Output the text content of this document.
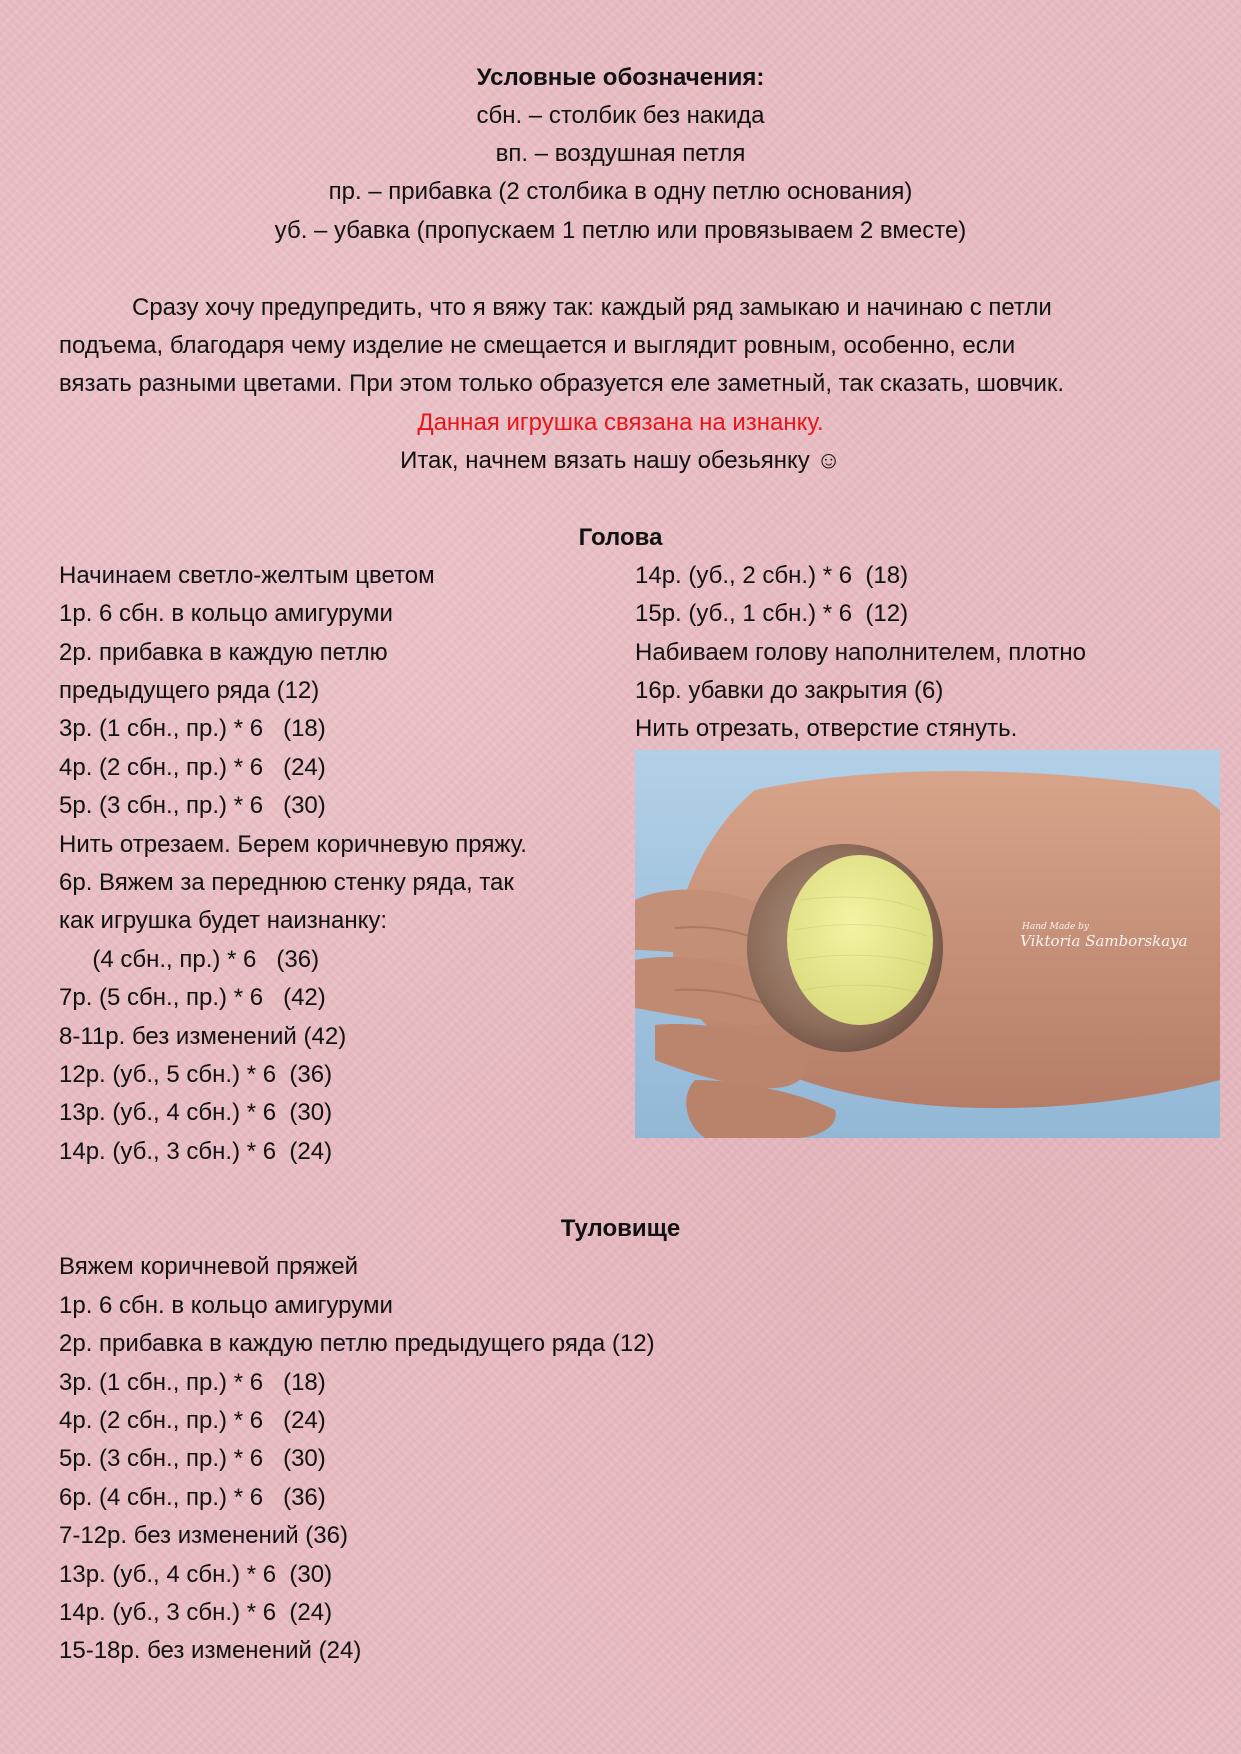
Условные обозначения:
сбн. – столбик без накида
вп. – воздушная петля
пр. – прибавка (2 столбика в одну петлю основания)
уб. – убавка (пропускаем 1 петлю или провязываем 2 вместе)
Сразу хочу предупредить, что я вяжу так: каждый ряд замыкаю и начинаю с петли
подъема, благодаря чему изделие не смещается и выглядит ровным, особенно, если
вязать разными цветами. При этом только образуется еле заметный, так сказать, шовчик.
Данная игрушка связана на изнанку.
Итак, начнем вязать нашу обезьянку ☺
Голова
Начинаем светло-желтым цветом
1р. 6 сбн. в кольцо амигуруми
2р. прибавка в каждую петлю
предыдущего ряда (12)
3р. (1 сбн., пр.) * 6   (18)
4р. (2 сбн., пр.) * 6   (24)
5р. (3 сбн., пр.) * 6   (30)
Нить отрезаем. Берем коричневую пряжу.
6р. Вяжем за переднюю стенку ряда, так
как игрушка будет наизнанку:
(4 сбн., пр.) * 6   (36)
7р. (5 сбн., пр.) * 6   (42)
8-11р. без изменений (42)
12р. (уб., 5 сбн.) * 6  (36)
13р. (уб., 4 сбн.) * 6  (30)
14р. (уб., 3 сбн.) * 6  (24)
14р. (уб., 2 сбн.) * 6  (18)
15р. (уб., 1 сбн.) * 6  (12)
Набиваем голову наполнителем, плотно
16р. убавки до закрытия (6)
Нить отрезать, отверстие стянуть.
Hand Made by
Viktoria Samborskaya
Туловище
Вяжем коричневой пряжей
1р. 6 сбн. в кольцо амигуруми
2р. прибавка в каждую петлю предыдущего ряда (12)
3р. (1 сбн., пр.) * 6   (18)
4р. (2 сбн., пр.) * 6   (24)
5р. (3 сбн., пр.) * 6   (30)
6р. (4 сбн., пр.) * 6   (36)
7-12р. без изменений (36)
13р. (уб., 4 сбн.) * 6  (30)
14р. (уб., 3 сбн.) * 6  (24)
15-18р. без изменений (24)
